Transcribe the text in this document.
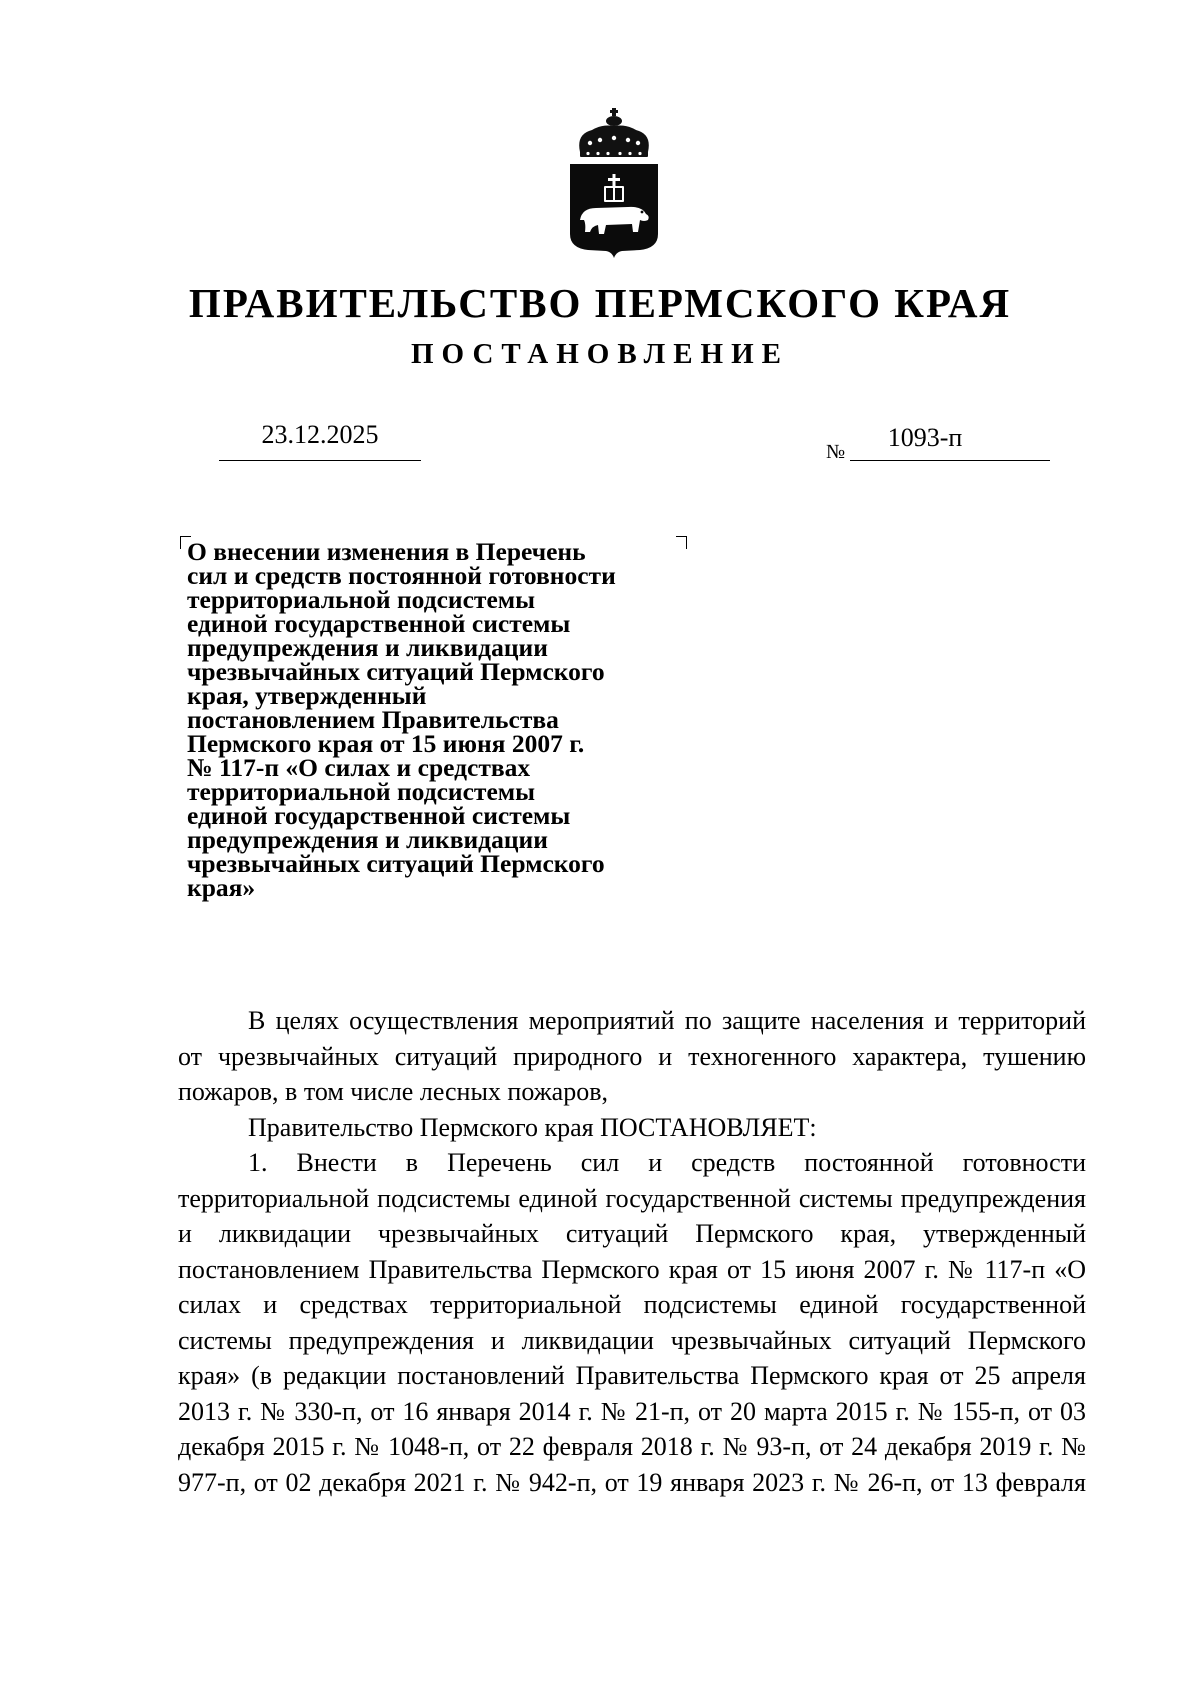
ПРАВИТЕЛЬСТВО ПЕРМСКОГО КРАЯ
ПОСТАНОВЛЕНИЕ
23.12.2025
№	1093-п
О внесении изменения в Перечень
сил и средств постоянной готовности
территориальной подсистемы
единой государственной системы
предупреждения и ликвидации
чрезвычайных ситуаций Пермского
края, утвержденный
постановлением Правительства
Пермского края от 15 июня 2007 г.
№ 117-п «О силах и средствах
территориальной подсистемы
единой государственной системы
предупреждения и ликвидации
чрезвычайных ситуаций Пермского
края»

В целях осуществления мероприятий по защите населения и территорий от чрезвычайных ситуаций природного и техногенного характера, тушению пожаров, в том числе лесных пожаров,

Правительство Пермского края ПОСТАНОВЛЯЕТ:

1. Внести в Перечень сил и средств постоянной готовности территориальной подсистемы единой государственной системы предупреждения и ликвидации чрезвычайных ситуаций Пермского края, утвержденный постановлением Правительства Пермского края от 15 июня 2007 г. № 117-п «О силах и средствах территориальной подсистемы единой государственной системы предупреждения и ликвидации чрезвычайных ситуаций Пермского края» (в редакции постановлений Правительства Пермского края от 25 апреля 2013 г. № 330-п, от 16 января 2014 г. № 21-п, от 20 марта 2015 г. № 155-п, от 03 декабря 2015 г. № 1048-п, от 22 февраля 2018 г. № 93-п, от 24 декабря 2019 г. № 977-п, от 02 декабря 2021 г. № 942-п, от 19 января 2023 г. № 26-п, от 13 февраля
